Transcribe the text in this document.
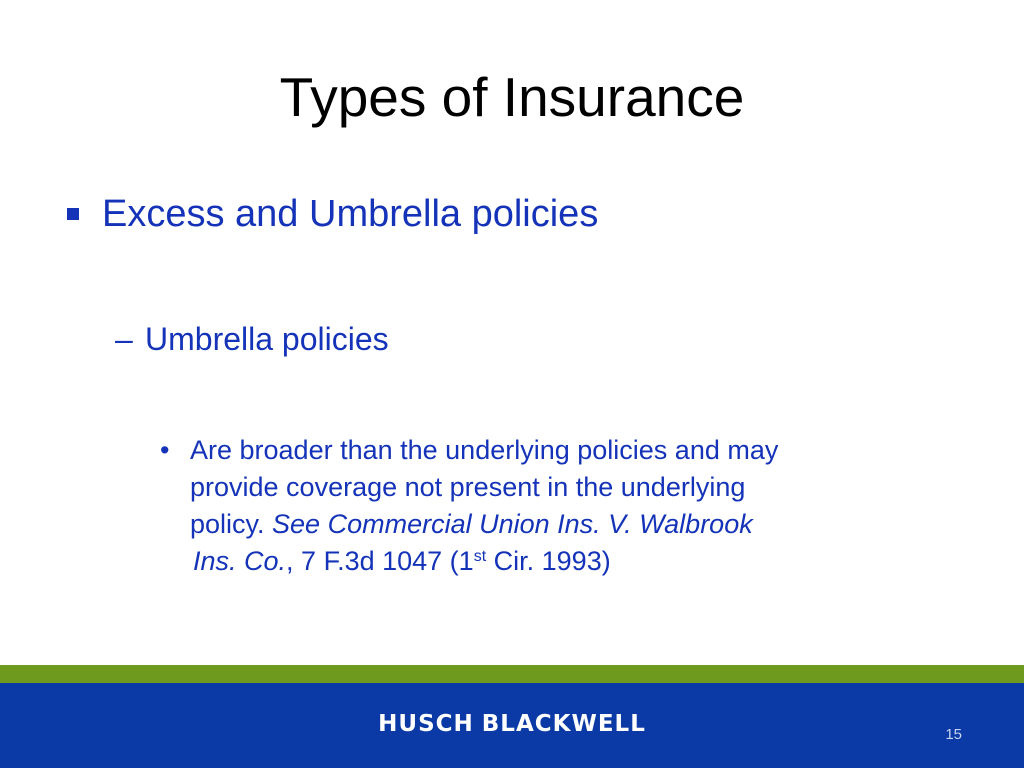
Types of Insurance
Excess and Umbrella policies
– Umbrella policies
• Are broader than the underlying policies and may
provide coverage not present in the underlying
policy. See Commercial Union Ins. V. Walbrook
Ins. Co., 7 F.3d 1047 (1st Cir. 1993)
HUSCH BLACKWELL	15
